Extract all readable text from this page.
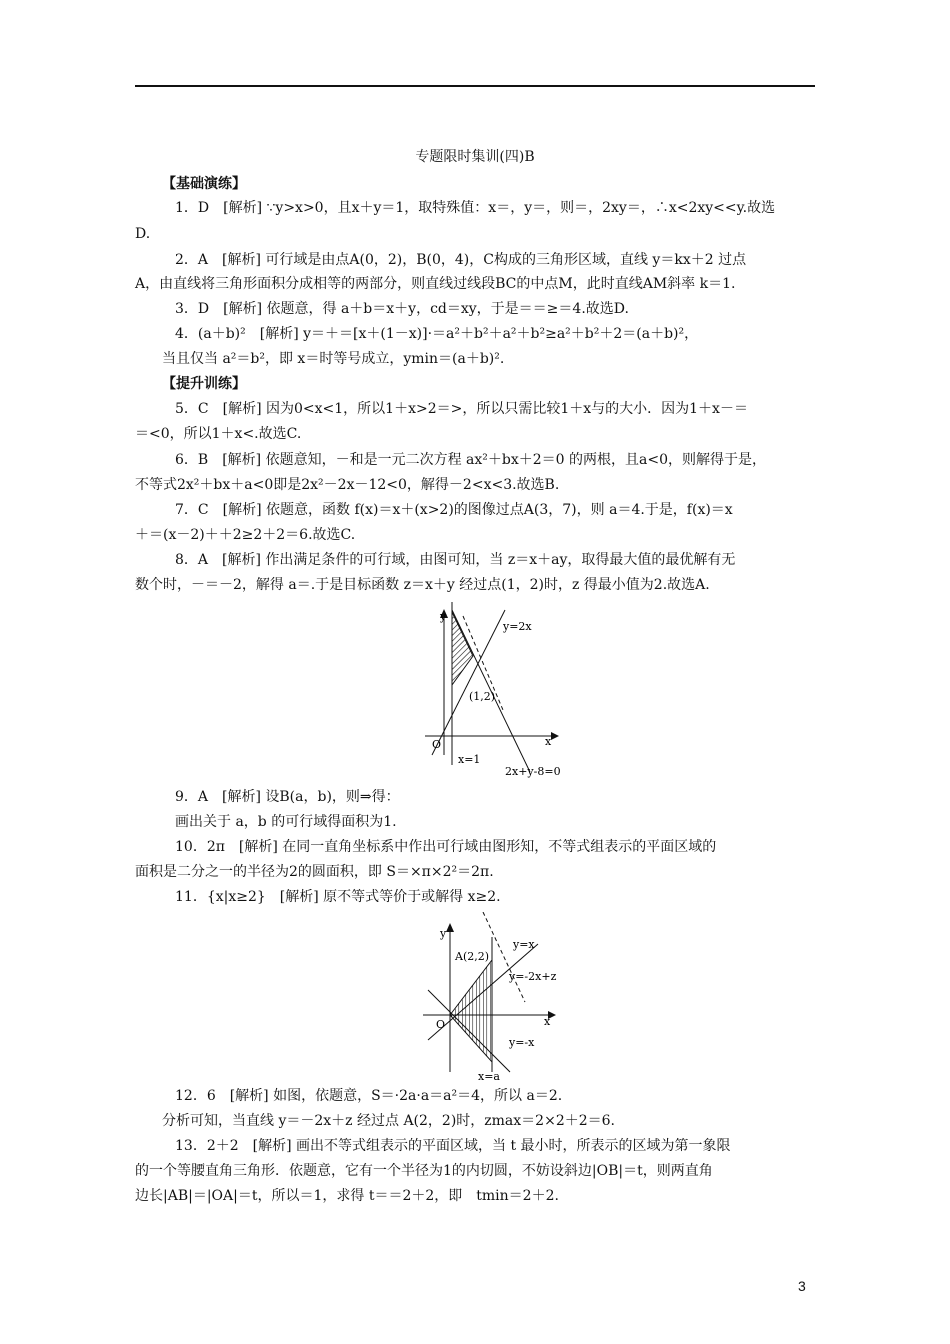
专题限时集训(四)B
【基础演练】
1．D　[解析] ∵y>x>0，且x＋y＝1，取特殊值：x＝，y＝，则＝，2xy＝，∴x<2xy<<y.故选
D.
2．A　[解析] 可行域是由点A(0，2)，B(0，4)，C构成的三角形区域，直线 y＝kx＋2 过点
A，由直线将三角形面积分成相等的两部分，则直线过线段BC的中点M，此时直线AM斜率 k＝1.
3．D　[解析] 依题意，得 a＋b＝x＋y，cd＝xy，于是＝＝≥＝4.故选D.
4．(a＋b)²　[解析] y＝＋＝[x＋(1－x)]·＝a²＋b²＋a²＋b²≥a²＋b²＋2＝(a＋b)²，
当且仅当 a²＝b²，即 x＝时等号成立，ymin＝(a＋b)².
【提升训练】
5．C　[解析] 因为0<x<1，所以1＋x>2＝>，所以只需比较1＋x与的大小．因为1＋x－＝
＝<0，所以1＋x<.故选C.
6．B　[解析] 依题意知，－和是一元二次方程 ax²＋bx＋2＝0 的两根，且a<0，则解得于是，
不等式2x²＋bx＋a<0即是2x²－2x－12<0，解得－2<x<3.故选B.
7．C　[解析] 依题意，函数 f(x)＝x＋(x>2)的图像过点A(3，7)，则 a＝4.于是，f(x)＝x
＋＝(x－2)＋＋2≥2＋2＝6.故选C.
8．A　[解析] 作出满足条件的可行域，由图可知，当 z＝x＋ay，取得最大值的最优解有无
数个时，－＝－2，解得 a＝.于是目标函数 z＝x＋y 经过点(1，2)时，z 得最小值为2.故选A.
y
x
O
y=2x
(1,2)
x=1
2x+y-8=0
9．A　[解析] 设B(a，b)，则⇒得：
画出关于 a，b 的可行域得面积为1.
10．2π　[解析] 在同一直角坐标系中作出可行域由图形知，不等式组表示的平面区域的
面积是二分之一的半径为2的圆面积，即 S＝×π×2²＝2π.
11．{x|x≥2}　[解析] 原不等式等价于或解得 x≥2.
y
x
O
A(2,2)
y=x
y=-2x+z
y=-x
x=a
12．6　[解析] 如图，依题意，S＝·2a·a＝a²＝4，所以 a＝2.
分析可知，当直线 y＝－2x＋z 经过点 A(2，2)时，zmax＝2×2＋2＝6.
13．2＋2　[解析] 画出不等式组表示的平面区域，当 t 最小时，所表示的区域为第一象限
的一个等腰直角三角形．依题意，它有一个半径为1的内切圆，不妨设斜边|OB|＝t，则两直角
边长|AB|＝|OA|＝t，所以＝1，求得 t＝＝2＋2，即　tmin＝2＋2.
3
